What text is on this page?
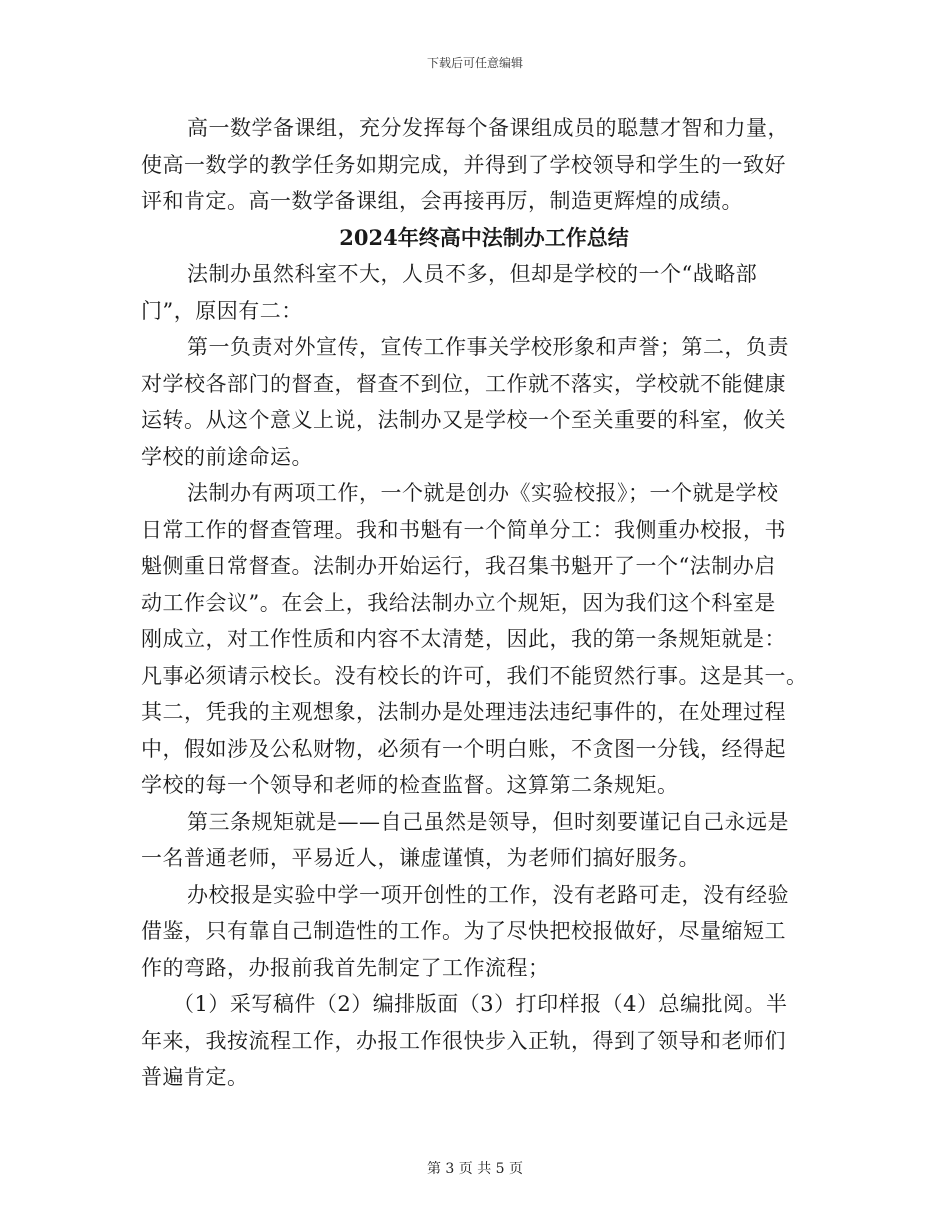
下载后可任意编辑

高一数学备课组，充分发挥每个备课组成员的聪慧才智和力量，
使高一数学的教学任务如期完成，并得到了学校领导和学生的一致好
评和肯定。高一数学备课组，会再接再厉，制造更辉煌的成绩。

2024年终高中法制办工作总结

法制办虽然科室不大，人员不多，但却是学校的一个“战略部
门”，原因有二：

第一负责对外宣传，宣传工作事关学校形象和声誉；第二，负责
对学校各部门的督查，督查不到位，工作就不落实，学校就不能健康
运转。从这个意义上说，法制办又是学校一个至关重要的科室，攸关
学校的前途命运。

法制办有两项工作，一个就是创办《实验校报》；一个就是学校
日常工作的督查管理。我和书魁有一个简单分工：我侧重办校报，书
魁侧重日常督查。法制办开始运行，我召集书魁开了一个“法制办启
动工作会议”。在会上，我给法制办立个规矩，因为我们这个科室是
刚成立，对工作性质和内容不太清楚，因此，我的第一条规矩就是：
凡事必须请示校长。没有校长的许可，我们不能贸然行事。这是其一。
其二，凭我的主观想象，法制办是处理违法违纪事件的，在处理过程
中，假如涉及公私财物，必须有一个明白账，不贪图一分钱，经得起
学校的每一个领导和老师的检查监督。这算第二条规矩。

第三条规矩就是——自己虽然是领导，但时刻要谨记自己永远是
一名普通老师，平易近人，谦虚谨慎，为老师们搞好服务。

办校报是实验中学一项开创性的工作，没有老路可走，没有经验
借鉴，只有靠自己制造性的工作。为了尽快把校报做好，尽量缩短工
作的弯路，办报前我首先制定了工作流程；

（1）采写稿件（2）编排版面（3）打印样报（4）总编批阅。半
年来，我按流程工作，办报工作很快步入正轨，得到了领导和老师们
普遍肯定。

第 3 页 共 5 页
